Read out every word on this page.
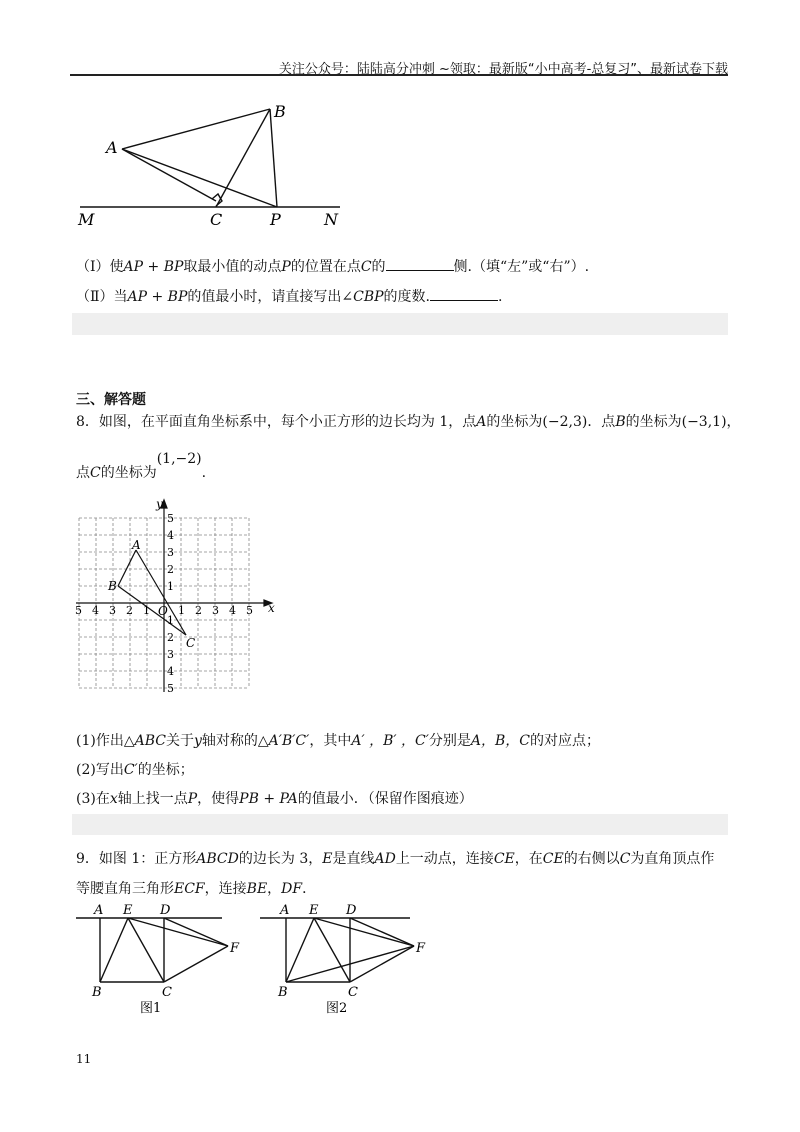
关注公众号：陆陆高分冲刺 ~领取：最新版“小中高考-总复习”、最新试卷下载
A
B
C	P
M	N
（Ⅰ）使AP + BP取最小值的动点P的位置在点C的	侧.（填“左”或“右”）.
（Ⅱ）当AP + BP的值最小时，请直接写出∠CBP的度数.	.
三、解答题
8．如图，在平面直角坐标系中，每个小正方形的边长均为 1，点A的坐标为(−2,3)．点B的坐标为(−3,1)，
点C的坐标为(1,−2).
5 4 3 2 1	1 2 3 4 5
5
4
3
2
1
1
2
3
4
5
x
y
O
A
B
C
(1)作出△ABC关于y轴对称的△A′B′C′，其中A′ ，B′ ，C′分别是A，B，C的对应点；
(2)写出C′的坐标；
(3)在x轴上找一点P，使得PB + PA的值最小．（保留作图痕迹）
9．如图 1：正方形ABCD的边长为 3，E是直线AD上一动点，连接CE，在CE的右侧以C为直角顶点作
等腰直角三角形ECF，连接BE，DF．
A E D
F
B	C
图1
A E D
F
B	C
图2
11
